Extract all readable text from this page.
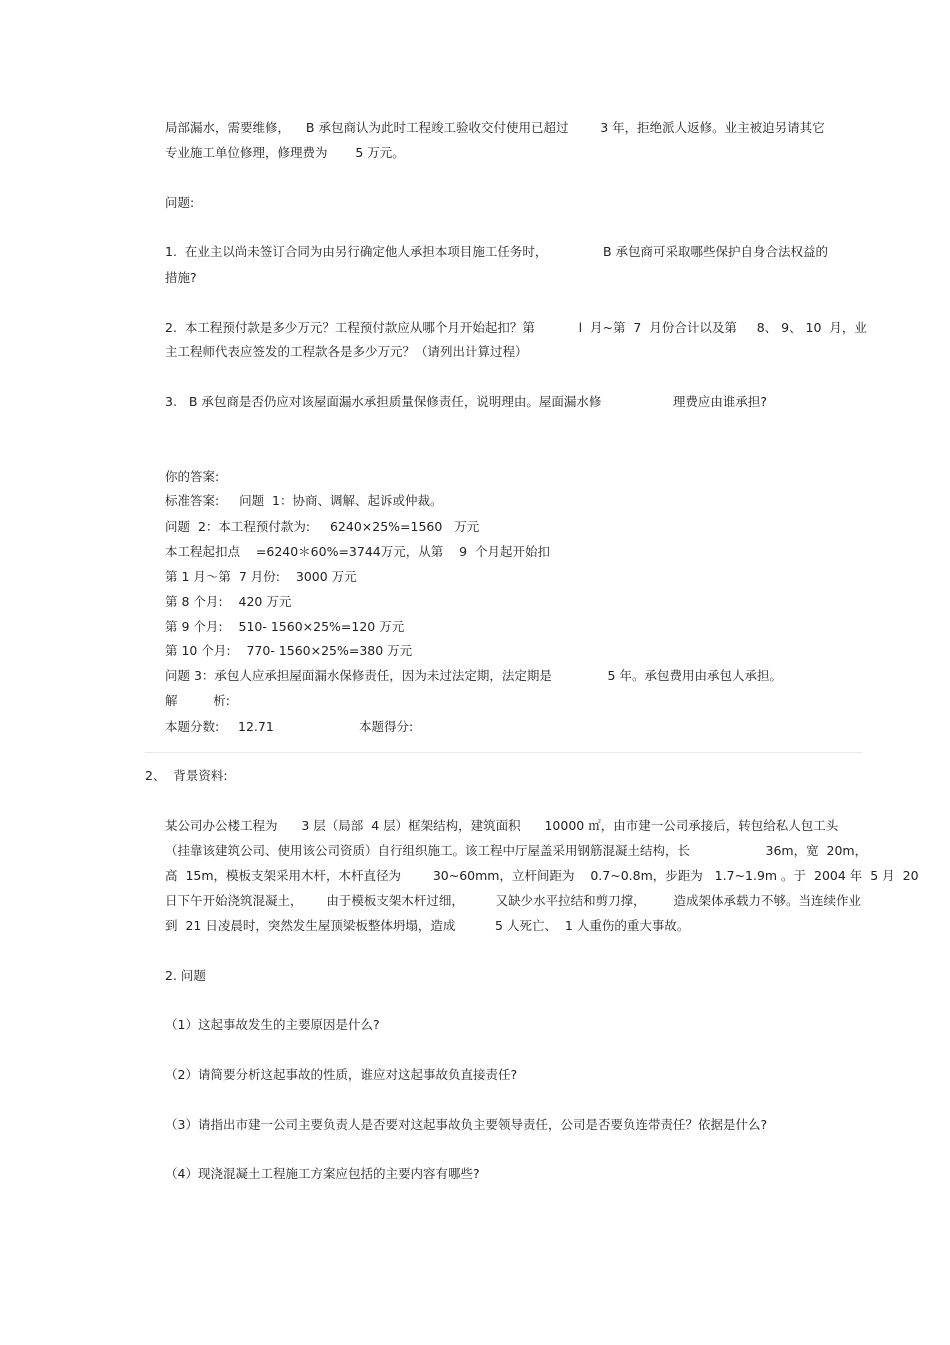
局部漏水，需要维修，    B 承包商认为此时工程竣工验收交付使用已超过        3 年，拒绝派人返修。业主被迫另请其它
专业施工单位修理，修理费为       5 万元。
问题:
1.  在业主以尚未签订合同为由另行确定他人承担本项目施工任务时，              B 承包商可采取哪些保护自身合法权益的
措施?
2.  本工程预付款是多少万元？工程预付款应从哪个月开始起扣？第           l  月~第  7  月份合计以及第     8、 9、 10  月，业
主工程师代表应签发的工程款各是多少万元？（请列出计算过程）
3.   B 承包商是否仍应对该屋面漏水承担质量保修责任，说明理由。屋面漏水修                  理费应由谁承担?
你的答案:
标准答案:     问题  1：协商、调解、起诉或仲裁。
问题  2：本工程预付款为:     6240×25%=1560   万元
本工程起扣点    =6240＊60%=3744万元，从第    9  个月起开始扣
第 1 月～第  7 月份:    3000 万元
第 8 个月:    420 万元
第 9 个月:    510- 1560×25%=120 万元
第 10 个月:    770- 1560×25%=380 万元
问题 3：承包人应承担屋面漏水保修责任，因为未过法定期，法定期是              5 年。承包费用由承包人承担。
解         析:
本题分数: 12.71	本题得分:
2、  背景资料:
某公司办公楼工程为      3 层（局部  4 层）框架结构，建筑面积      10000 ㎡，由市建一公司承接后，转包给私人包工头
（挂靠该建筑公司、使用该公司资质）自行组织施工。该工程中厅屋盖采用钢筋混凝土结构，长                   36m，宽  20m，
高  15m，模板支架采用木杆，木杆直径为        30~60mm，立杆间距为    0.7~0.8m，步距为   1.7~1.9m 。于  2004 年  5 月  20
日下午开始浇筑混凝土，      由于模板支架木杆过细，        又缺少水平拉结和剪刀撑，       造成架体承载力不够。当连续作业
到  21 日凌晨时，突然发生屋顶梁板整体坍塌，造成          5 人死亡、  1 人重伤的重大事故。
2. 问题
（1）这起事故发生的主要原因是什么?
（2）请简要分析这起事故的性质，谁应对这起事故负直接责任?
（3）请指出市建一公司主要负责人是否要对这起事故负主要领导责任，公司是否要负连带责任？依据是什么?
（4）现浇混凝土工程施工方案应包括的主要内容有哪些?
